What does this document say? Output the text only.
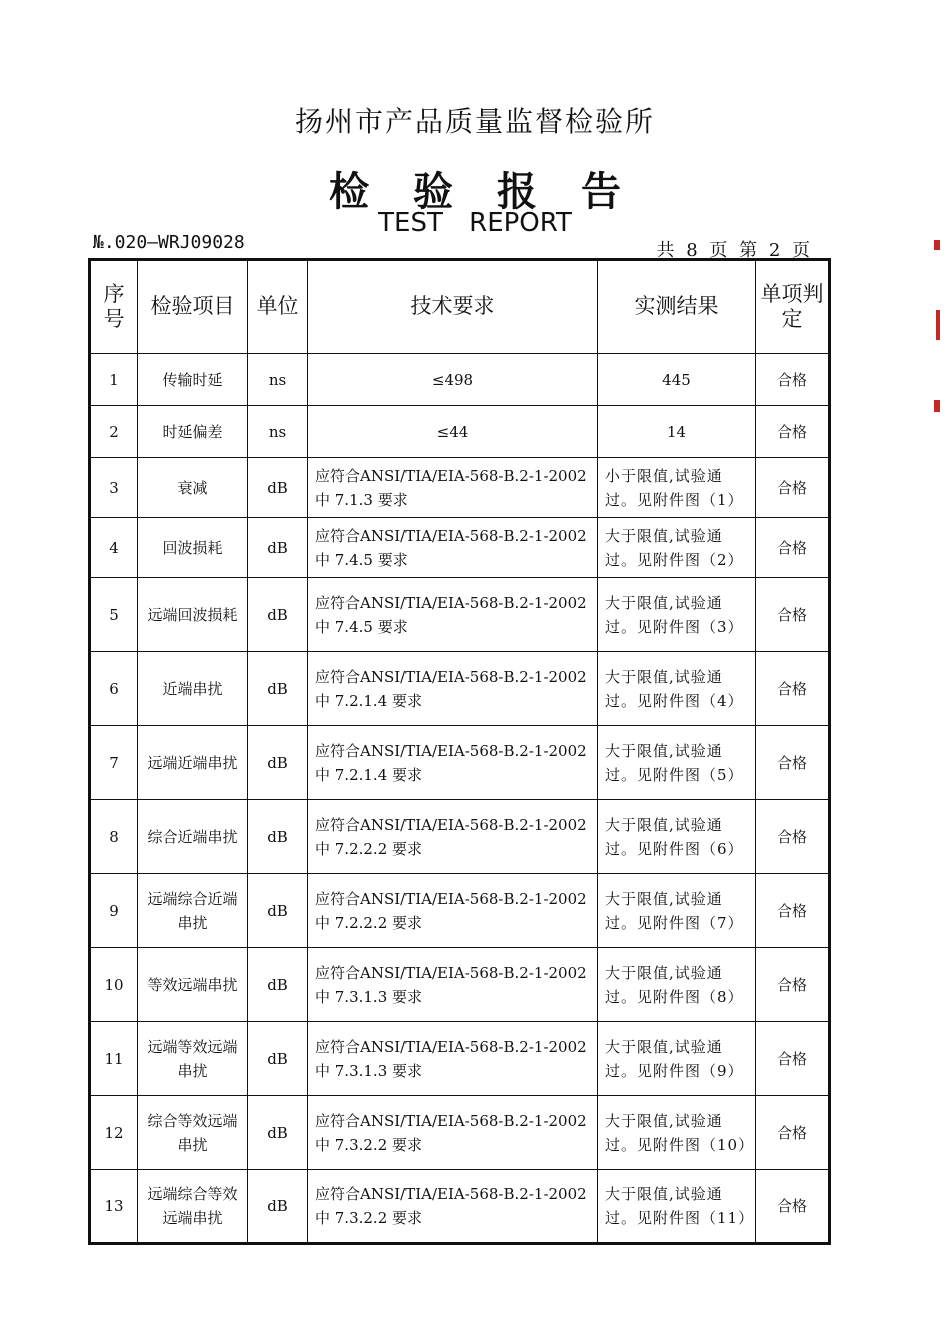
扬州市产品质量监督检验所
检 验 报 告
TEST REPORT
№.020—WRJ09028	共 8 页 第 2 页
序号	检验项目	单位	技术要求	实测结果	单项判定
1	传输时延	ns	≤498	445	合格
2	时延偏差	ns	≤44	14	合格
3	衰减	dB	应符合ANSI/TIA/EIA-568-B.2-1-2002 中 7.1.3 要求	小于限值,试验通过。见附件图（1）	合格
4	回波损耗	dB	应符合ANSI/TIA/EIA-568-B.2-1-2002 中 7.4.5 要求	大于限值,试验通过。见附件图（2）	合格
5	远端回波损耗	dB	应符合ANSI/TIA/EIA-568-B.2-1-2002 中 7.4.5 要求	大于限值,试验通过。见附件图（3）	合格
6	近端串扰	dB	应符合ANSI/TIA/EIA-568-B.2-1-2002 中 7.2.1.4 要求	大于限值,试验通过。见附件图（4）	合格
7	远端近端串扰	dB	应符合ANSI/TIA/EIA-568-B.2-1-2002 中 7.2.1.4 要求	大于限值,试验通过。见附件图（5）	合格
8	综合近端串扰	dB	应符合ANSI/TIA/EIA-568-B.2-1-2002 中 7.2.2.2 要求	大于限值,试验通过。见附件图（6）	合格
9	远端综合近端串扰	dB	应符合ANSI/TIA/EIA-568-B.2-1-2002 中 7.2.2.2 要求	大于限值,试验通过。见附件图（7）	合格
10	等效远端串扰	dB	应符合ANSI/TIA/EIA-568-B.2-1-2002 中 7.3.1.3 要求	大于限值,试验通过。见附件图（8）	合格
11	远端等效远端串扰	dB	应符合ANSI/TIA/EIA-568-B.2-1-2002 中 7.3.1.3 要求	大于限值,试验通过。见附件图（9）	合格
12	综合等效远端串扰	dB	应符合ANSI/TIA/EIA-568-B.2-1-2002 中 7.3.2.2 要求	大于限值,试验通过。见附件图（10）	合格
13	远端综合等效远端串扰	dB	应符合ANSI/TIA/EIA-568-B.2-1-2002 中 7.3.2.2 要求	大于限值,试验通过。见附件图（11）	合格
